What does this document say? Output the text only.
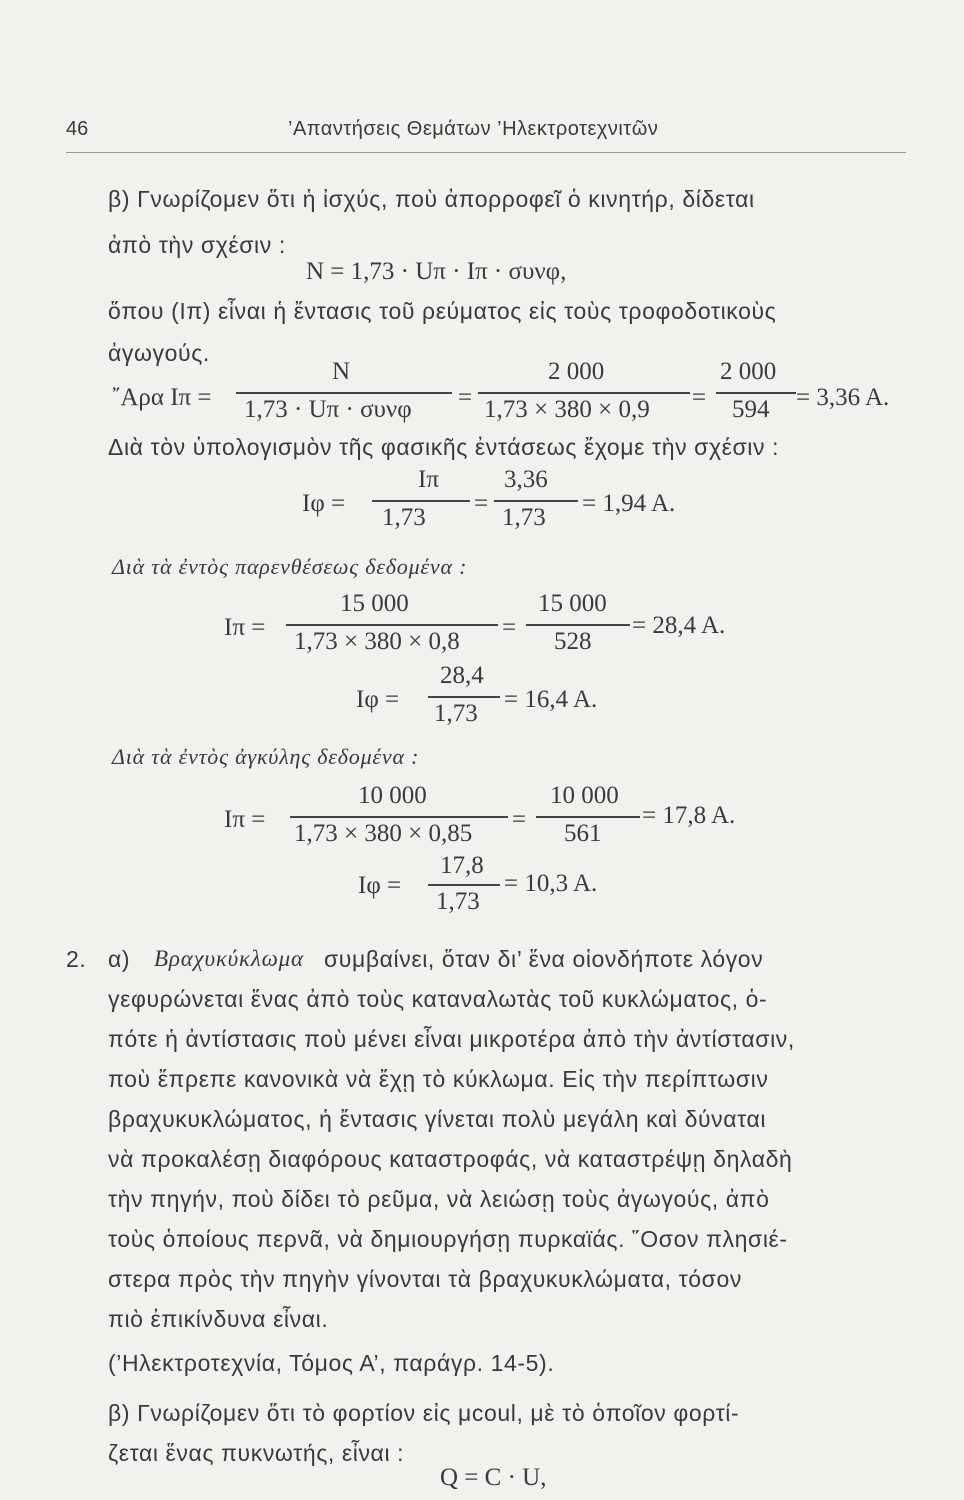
46	’Απαντήσεις Θεμάτων ’Ηλεκτροτεχνιτῶν
β) Γνωρίζομεν ὅτι ἡ ἰσχύς, ποὺ ἀπορροφεῖ ὁ κινητήρ, δίδεται
ἀπὸ τὴν σχέσιν :
N = 1,73 · Uπ · Iπ · συνφ,
ὅπου (Iπ) εἶναι ἡ ἔντασις τοῦ ρεύματος εἰς τοὺς τροφοδοτικοὺς
ἀγωγούς.
῎Αρα Iπ =
N
1,73 · Uπ · συνφ =
2 000
1,73 × 380 × 0,9 =
2 000
594 = 3,36 A.
Διὰ τὸν ὑπολογισμὸν τῆς φασικῆς ἐντάσεως ἔχομε τὴν σχέσιν :
Iφ =
Iπ
1,73
=
3,36
1,73
= 1,94 A.
Διὰ τὰ ἐντὸς παρενθέσεως δεδομένα :
Iπ =
15 000
1,73 × 380 × 0,8
=
15 000
528
= 28,4 A.
Iφ =
28,4
1,73
= 16,4 A.
Διὰ τὰ ἐντὸς ἀγκύλης δεδομένα :
Iπ =
10 000
1,73 × 380 × 0,85
=
10 000
561
= 17,8 A.
Iφ =
17,8
1,73
= 10,3 A.
2. α) Βραχυκύκλωμα συμβαίνει, ὅταν δι’ ἕνα οἱονδήποτε λόγον
γεφυρώνεται ἕνας ἀπὸ τοὺς καταναλωτὰς τοῦ κυκλώματος, ὁ-
πότε ἡ ἀντίστασις ποὺ μένει εἶναι μικροτέρα ἀπὸ τὴν ἀντίστασιν,
ποὺ ἔπρεπε κανονικὰ νὰ ἔχῃ τὸ κύκλωμα. Εἰς τὴν περίπτωσιν
βραχυκυκλώματος, ἡ ἔντασις γίνεται πολὺ μεγάλη καὶ δύναται
νὰ προκαλέσῃ διαφόρους καταστροφάς, νὰ καταστρέψῃ δηλαδὴ
τὴν πηγήν, ποὺ δίδει τὸ ρεῦμα, νὰ λειώσῃ τοὺς ἀγωγούς, ἀπὸ
τοὺς ὁποίους περνᾶ, νὰ δημιουργήσῃ πυρκαϊάς. ῞Οσον πλησιέ-
στερα πρὸς τὴν πηγὴν γίνονται τὰ βραχυκυκλώματα, τόσον
πιὸ ἐπικίνδυνα εἶναι.
(’Ηλεκτροτεχνία, Τόμος Α’, παράγρ. 14-5).
β) Γνωρίζομεν ὅτι τὸ φορτίον εἰς μcoul, μὲ τὸ ὁποῖον φορτί-
ζεται ἕνας πυκνωτής, εἶναι :
Q = C · U,
